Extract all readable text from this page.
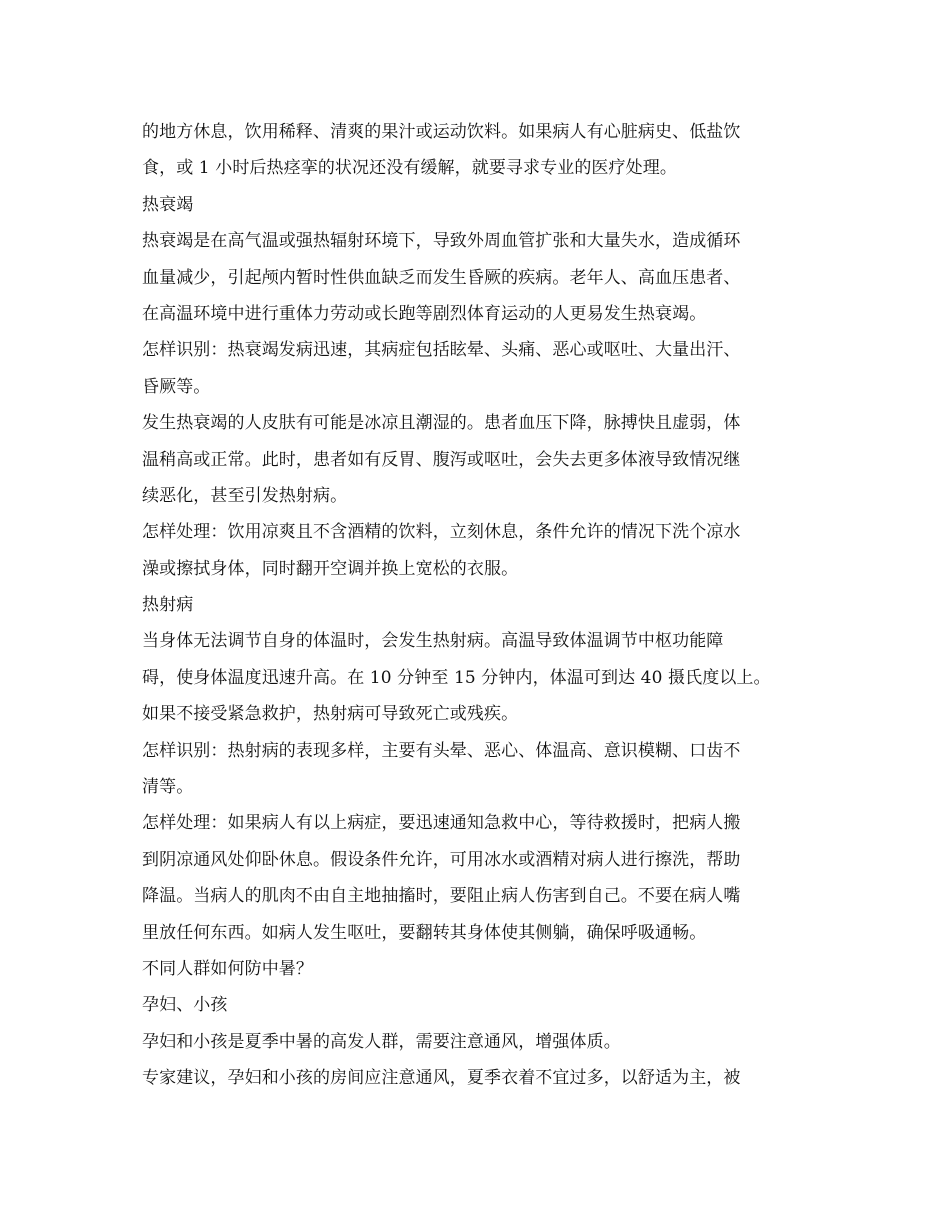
的地方休息，饮用稀释、清爽的果汁或运动饮料。如果病人有心脏病史、低盐饮
食，或 1 小时后热痉挛的状况还没有缓解，就要寻求专业的医疗处理。
热衰竭
热衰竭是在高气温或强热辐射环境下，导致外周血管扩张和大量失水，造成循环
血量减少，引起颅内暂时性供血缺乏而发生昏厥的疾病。老年人、高血压患者、
在高温环境中进行重体力劳动或长跑等剧烈体育运动的人更易发生热衰竭。
怎样识别：热衰竭发病迅速，其病症包括眩晕、头痛、恶心或呕吐、大量出汗、
昏厥等。
发生热衰竭的人皮肤有可能是冰凉且潮湿的。患者血压下降，脉搏快且虚弱，体
温稍高或正常。此时，患者如有反胃、腹泻或呕吐，会失去更多体液导致情况继
续恶化，甚至引发热射病。
怎样处理：饮用凉爽且不含酒精的饮料，立刻休息，条件允许的情况下洗个凉水
澡或擦拭身体，同时翻开空调并换上宽松的衣服。
热射病
当身体无法调节自身的体温时，会发生热射病。高温导致体温调节中枢功能障
碍，使身体温度迅速升高。在 10 分钟至 15 分钟内，体温可到达 40 摄氏度以上。
如果不接受紧急救护，热射病可导致死亡或残疾。
怎样识别：热射病的表现多样，主要有头晕、恶心、体温高、意识模糊、口齿不
清等。
怎样处理：如果病人有以上病症，要迅速通知急救中心，等待救援时，把病人搬
到阴凉通风处仰卧休息。假设条件允许，可用冰水或酒精对病人进行擦洗，帮助
降温。当病人的肌肉不由自主地抽搐时，要阻止病人伤害到自己。不要在病人嘴
里放任何东西。如病人发生呕吐，要翻转其身体使其侧躺，确保呼吸通畅。
不同人群如何防中暑？
孕妇、小孩
孕妇和小孩是夏季中暑的高发人群，需要注意通风，增强体质。
专家建议，孕妇和小孩的房间应注意通风，夏季衣着不宜过多，以舒适为主，被
